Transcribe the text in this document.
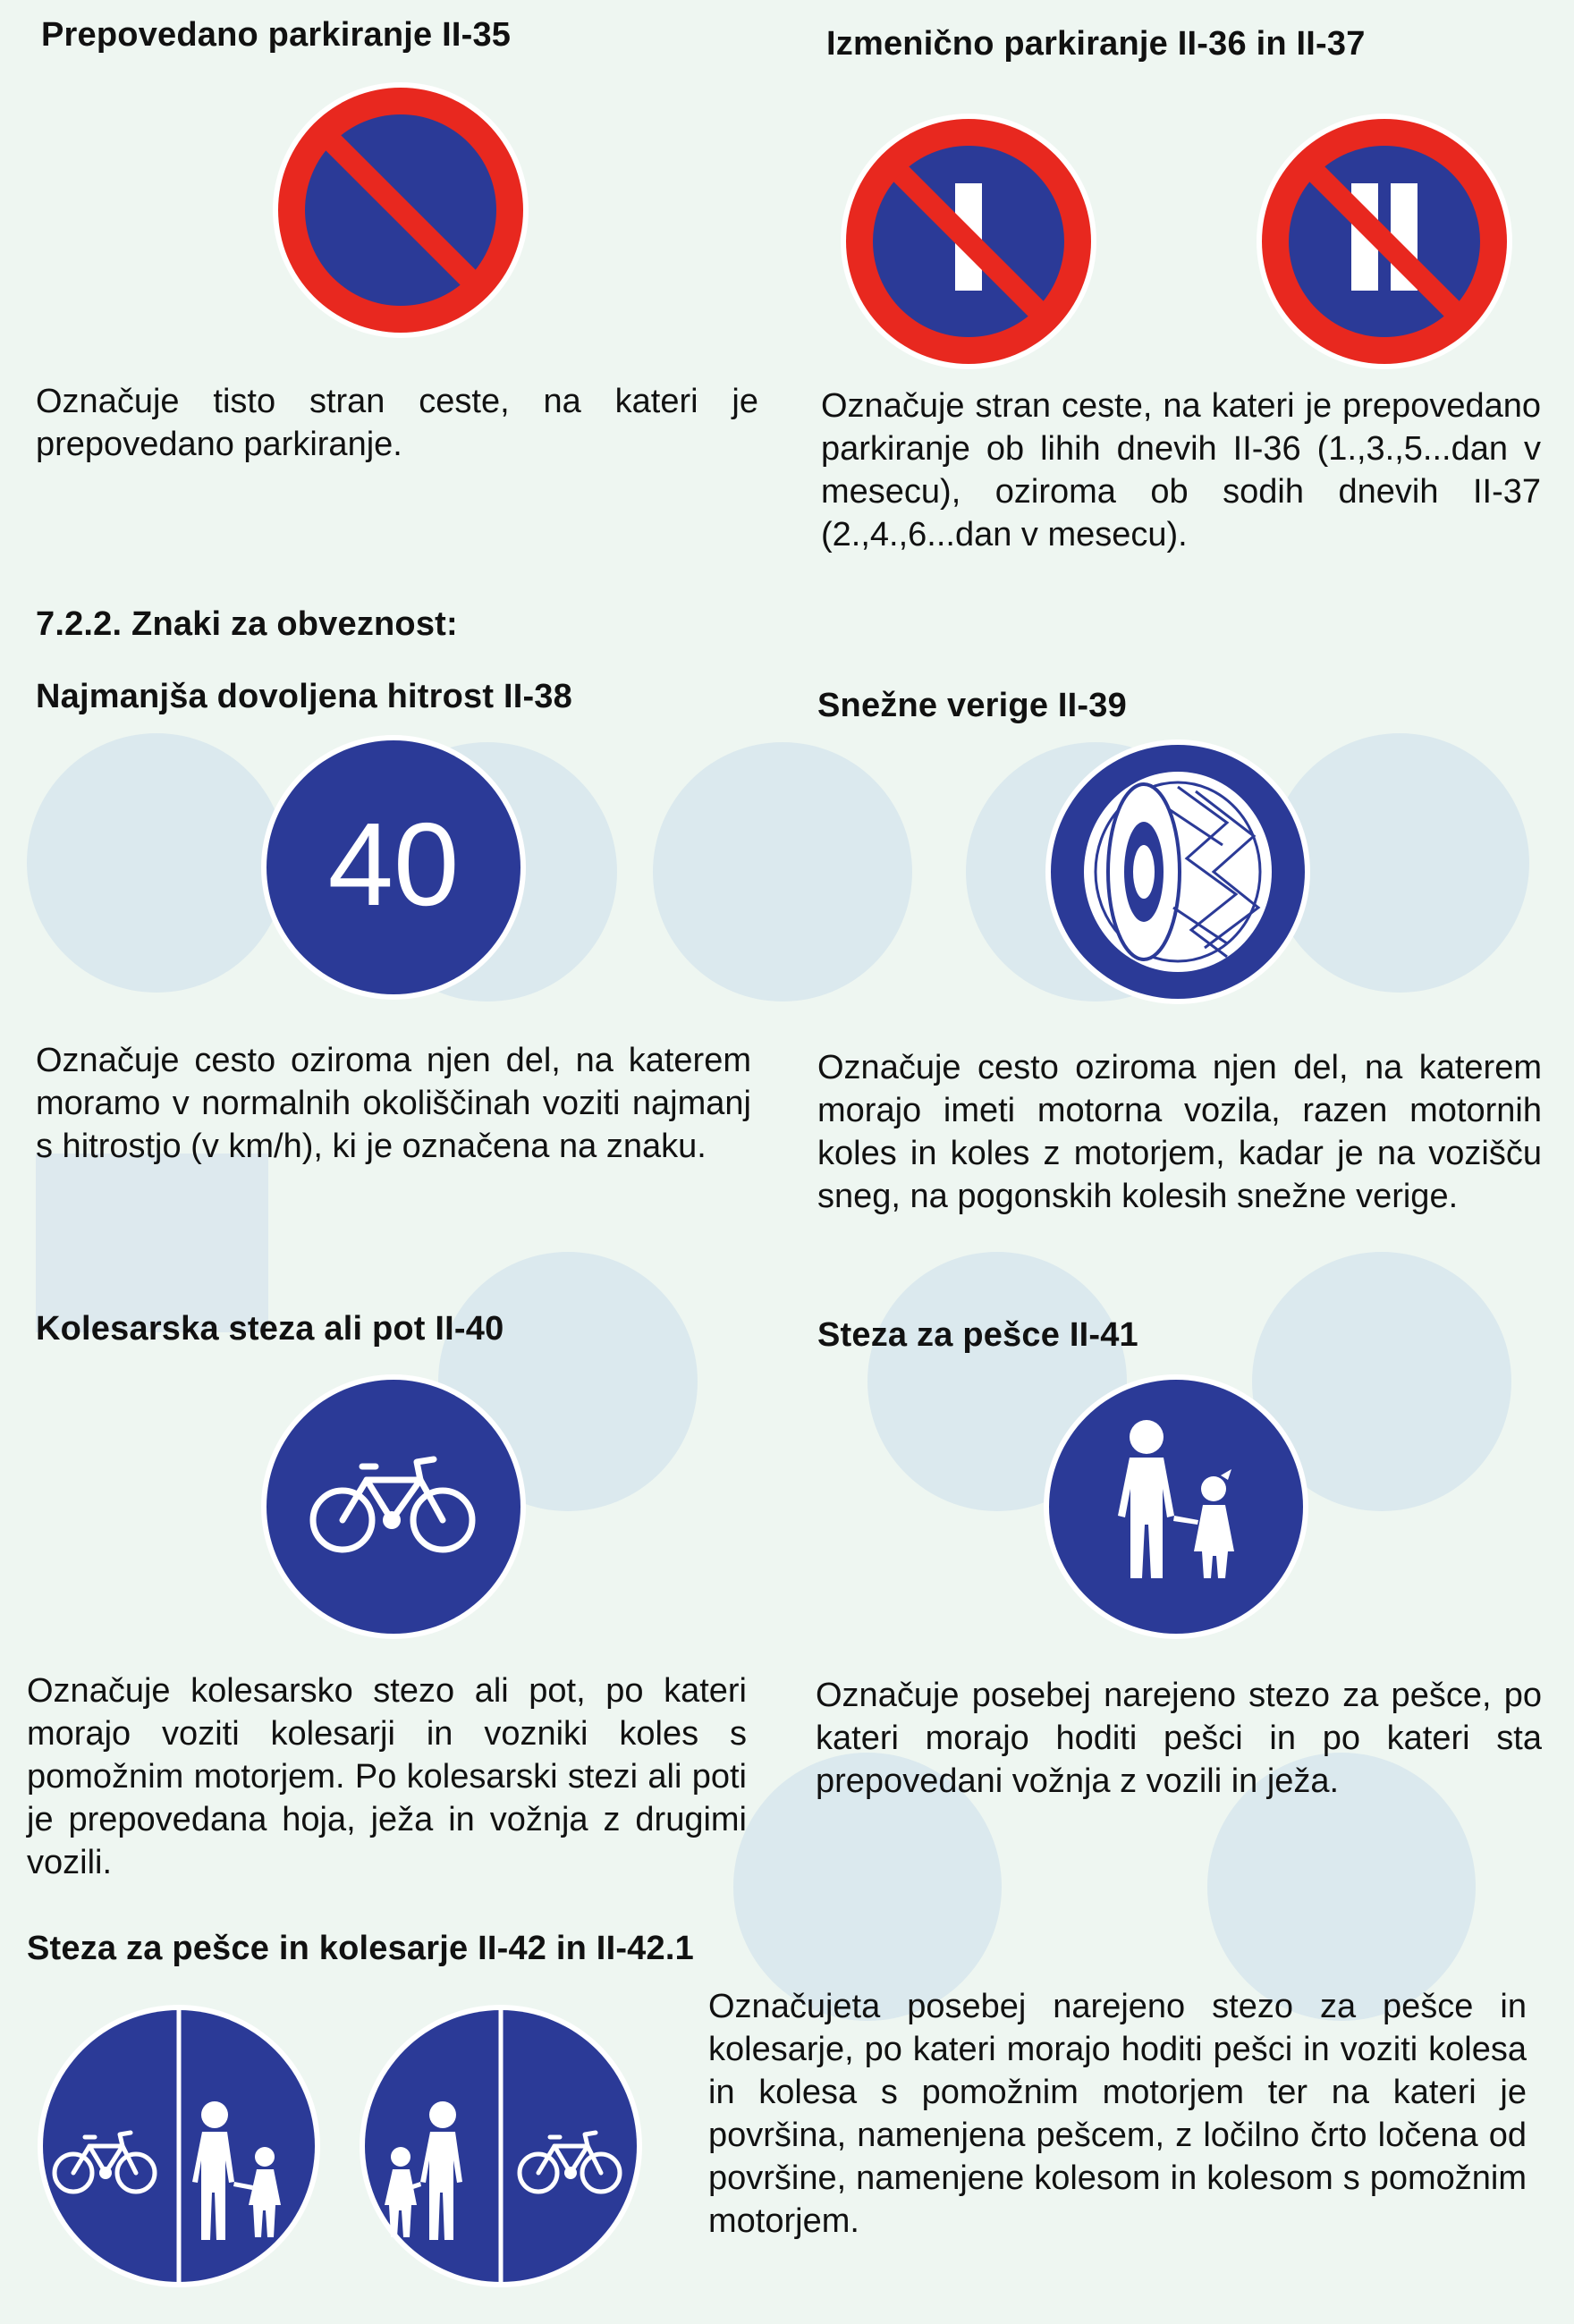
Prepovedano parkiranje II-35
Označuje tisto stran ceste, na kateri je prepovedano parkiranje.
Izmenično parkiranje II-36 in II-37
Označuje stran ceste, na kateri je prepovedano parkiranje ob lihih dnevih II-36 (1.,3.,5...dan v mesecu), oziroma ob sodih dnevih II-37 (2.,4.,6...dan v mesecu).
7.2.2. Znaki za obveznost:
Najmanjša dovoljena hitrost II-38
40
Označuje cesto oziroma njen del, na katerem moramo v normalnih okoliščinah voziti najmanj s hitrostjo (v km/h), ki je označena na znaku.
Snežne verige II-39
Označuje cesto oziroma njen del, na katerem morajo imeti motorna vozila, razen motornih koles in koles z motorjem, kadar je na vozišču sneg, na pogonskih kolesih snežne verige.
Kolesarska steza ali pot II-40
Označuje kolesarsko stezo ali pot, po kateri morajo voziti kolesarji in vozniki koles s pomožnim motorjem. Po kolesarski stezi ali poti je prepovedana hoja, ježa in vožnja z drugimi vozili.
Steza za pešce II-41
Označuje posebej narejeno stezo za pešce, po kateri morajo hoditi pešci in po kateri sta prepovedani vožnja z vozili in ježa.
Steza za pešce in kolesarje II-42 in II-42.1
Označujeta posebej narejeno stezo za pešce in kolesarje, po kateri morajo hoditi pešci in voziti kolesa in kolesa s pomožnim motorjem ter na kateri je površina, namenjena pešcem, z ločilno črto ločena od površine, namenjene kolesom in kolesom s pomožnim motorjem.
